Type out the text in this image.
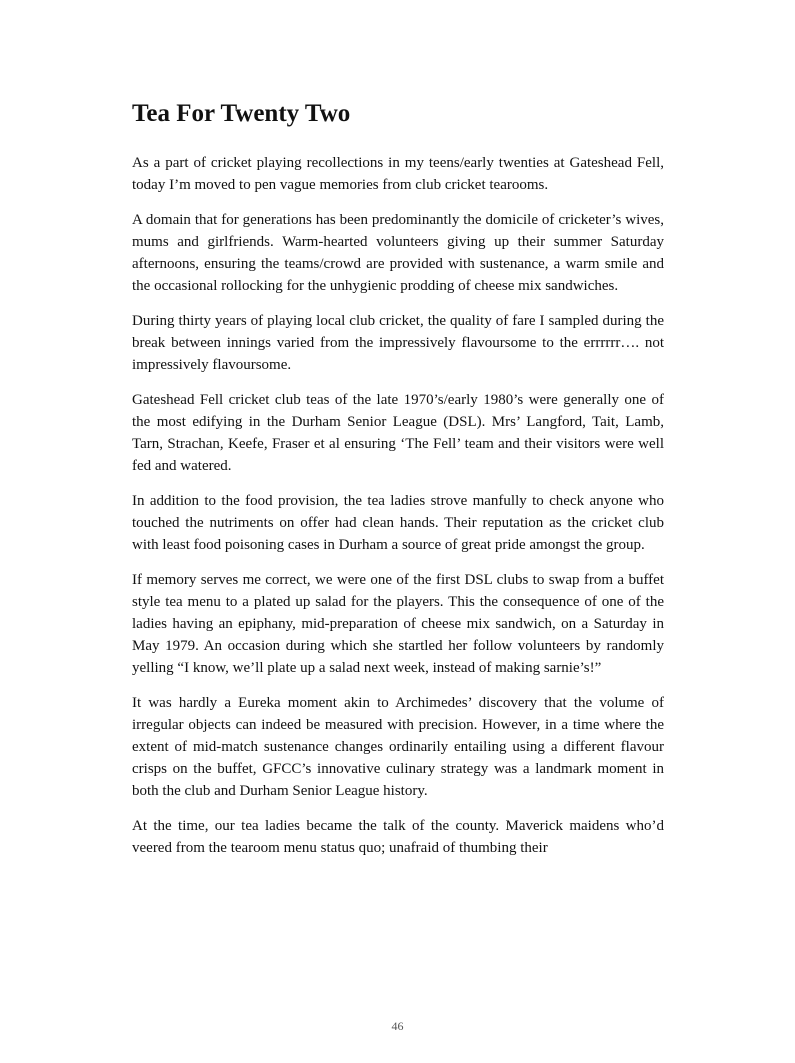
Tea For Twenty Two

As a part of cricket playing recollections in my teens/early twenties at Gateshead Fell, today I’m moved to pen vague memories from club cricket tearooms.

A domain that for generations has been predominantly the domicile of cricketer’s wives, mums and girlfriends. Warm-hearted volunteers giving up their summer Saturday afternoons, ensuring the teams/crowd are provided with sustenance, a warm smile and the occasional rollocking for the unhygienic prodding of cheese mix sandwiches.

During thirty years of playing local club cricket, the quality of fare I sampled during the break between innings varied from the impressively flavoursome to the errrrrr…. not impressively flavoursome.

Gateshead Fell cricket club teas of the late 1970’s/early 1980’s were generally one of the most edifying in the Durham Senior League (DSL). Mrs’ Langford, Tait, Lamb, Tarn, Strachan, Keefe, Fraser et al ensuring ‘The Fell’ team and their visitors were well fed and watered.

In addition to the food provision, the tea ladies strove manfully to check anyone who touched the nutriments on offer had clean hands. Their reputation as the cricket club with least food poisoning cases in Durham a source of great pride amongst the group.

If memory serves me correct, we were one of the first DSL clubs to swap from a buffet style tea menu to a plated up salad for the players. This the consequence of one of the ladies having an epiphany, mid-preparation of cheese mix sandwich, on a Saturday in May 1979. An occasion during which she startled her follow volunteers by randomly yelling “I know, we’ll plate up a salad next week, instead of making sarnie’s!”

It was hardly a Eureka moment akin to Archimedes’ discovery that the volume of irregular objects can indeed be measured with precision. However, in a time where the extent of mid-match sustenance changes ordinarily entailing using a different flavour crisps on the buffet, GFCC’s innovative culinary strategy was a landmark moment in both the club and Durham Senior League history.

At the time, our tea ladies became the talk of the county. Maverick maidens who’d veered from the tearoom menu status quo; unafraid of thumbing their

46
